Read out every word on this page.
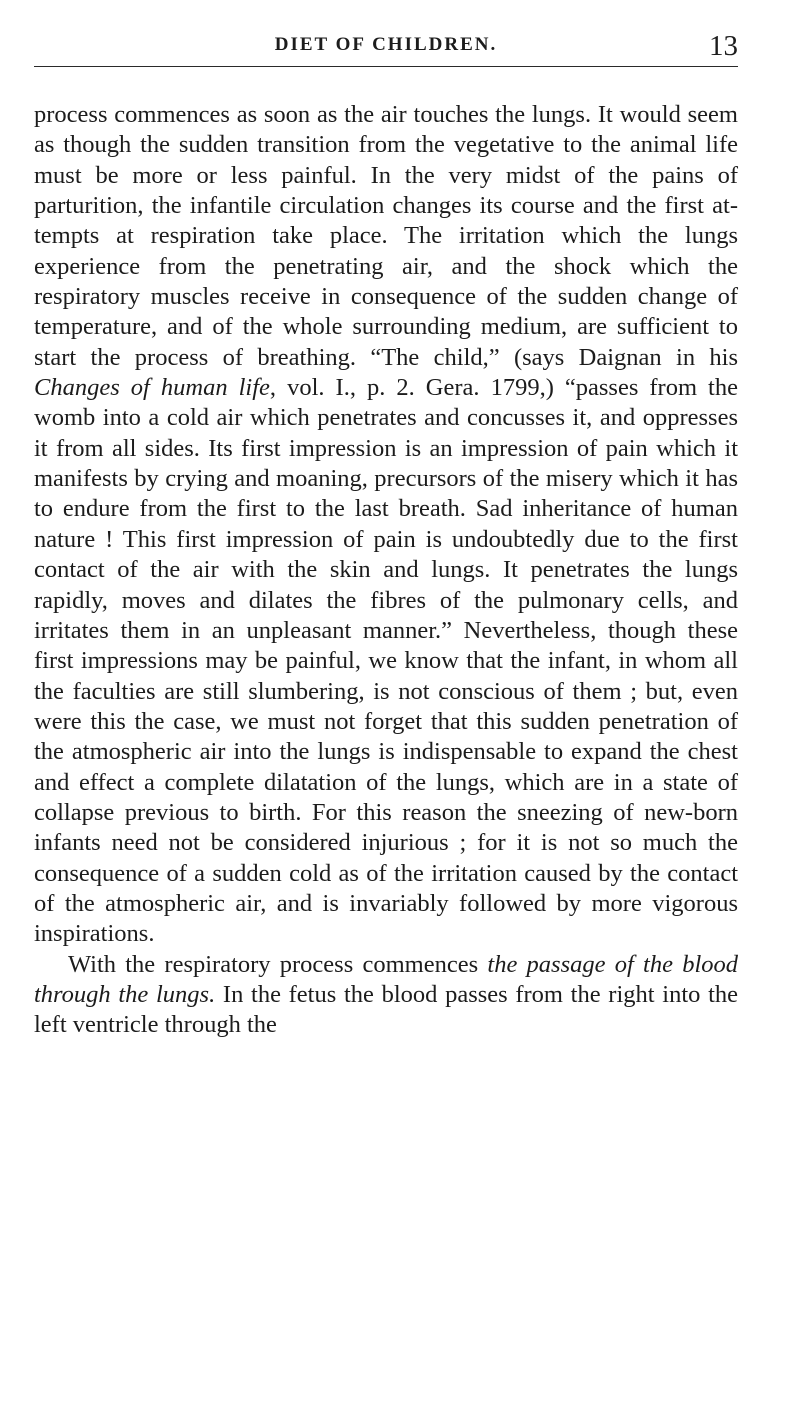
DIET OF CHILDREN.	13

process commences as soon as the air touches the lungs. It would seem as though the sudden transition from the vegetative to the animal life must be more or less painful. In the very midst of the pains of parturition, the infantile circulation changes its course and the first attempts at respiration take place. The irritation which the lungs experience from the penetrating air, and the shock which the respiratory muscles receive in consequence of the sudden change of temperature, and of the whole surrounding medium, are sufficient to start the process of breathing. “The child,” (says Daignan in his Changes of human life, vol. I., p. 2. Gera. 1799,) “passes from the womb into a cold air which penetrates and concusses it, and oppresses it from all sides. Its first impression is an impression of pain which it manifests by crying and moaning, precursors of the misery which it has to endure from the first to the last breath. Sad inheritance of human nature ! This first impression of pain is undoubtedly due to the first contact of the air with the skin and lungs. It penetrates the lungs rapidly, moves and dilates the fibres of the pulmonary cells, and irritates them in an unpleasant manner.” Nevertheless, though these first impressions may be painful, we know that the infant, in whom all the faculties are still slumbering, is not conscious of them ; but, even were this the case, we must not forget that this sudden penetration of the atmospheric air into the lungs is indispensable to expand the chest and effect a complete dilatation of the lungs, which are in a state of collapse previous to birth. For this reason the sneezing of new-born infants need not be considered injurious ; for it is not so much the consequence of a sudden cold as of the irritation caused by the contact of the atmospheric air, and is invariably followed by more vigorous inspirations.

With the respiratory process commences the passage of the blood through the lungs. In the fetus the blood passes from the right into the left ventricle through the
